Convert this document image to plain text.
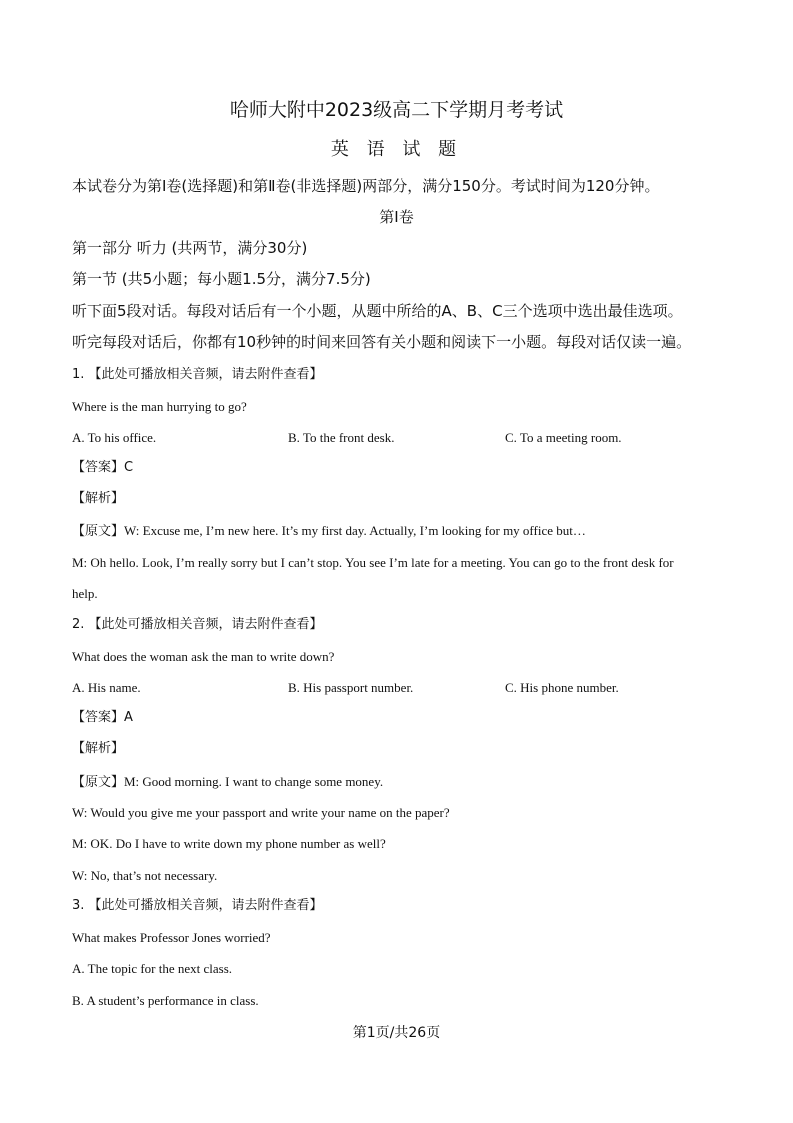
哈师大附中2023级高二下学期月考考试
英 语 试 题
本试卷分为第Ⅰ卷(选择题)和第Ⅱ卷(非选择题)两部分，满分150分。考试时间为120分钟。
第Ⅰ卷
第一部分 听力 (共两节，满分30分)
第一节 (共5小题；每小题1.5分，满分7.5分)
听下面5段对话。每段对话后有一个小题，从题中所给的A、B、C三个选项中选出最佳选项。
听完每段对话后，你都有10秒钟的时间来回答有关小题和阅读下一小题。每段对话仅读一遍。
1. 【此处可播放相关音频，请去附件查看】
Where is the man hurrying to go?
A. To his office.	B. To the front desk.	C. To a meeting room.
【答案】C
【解析】
【原文】W: Excuse me, I’m new here. It’s my first day. Actually, I’m looking for my office but…
M: Oh hello. Look, I’m really sorry but I can’t stop. You see I’m late for a meeting. You can go to the front desk for
help.
2. 【此处可播放相关音频，请去附件查看】
What does the woman ask the man to write down?
A. His name.	B. His passport number.	C. His phone number.
【答案】A
【解析】
【原文】M: Good morning. I want to change some money.
W: Would you give me your passport and write your name on the paper?
M: OK. Do I have to write down my phone number as well?
W: No, that’s not necessary.
3. 【此处可播放相关音频，请去附件查看】
What makes Professor Jones worried?
A. The topic for the next class.
B. A student’s performance in class.
第1页/共26页
